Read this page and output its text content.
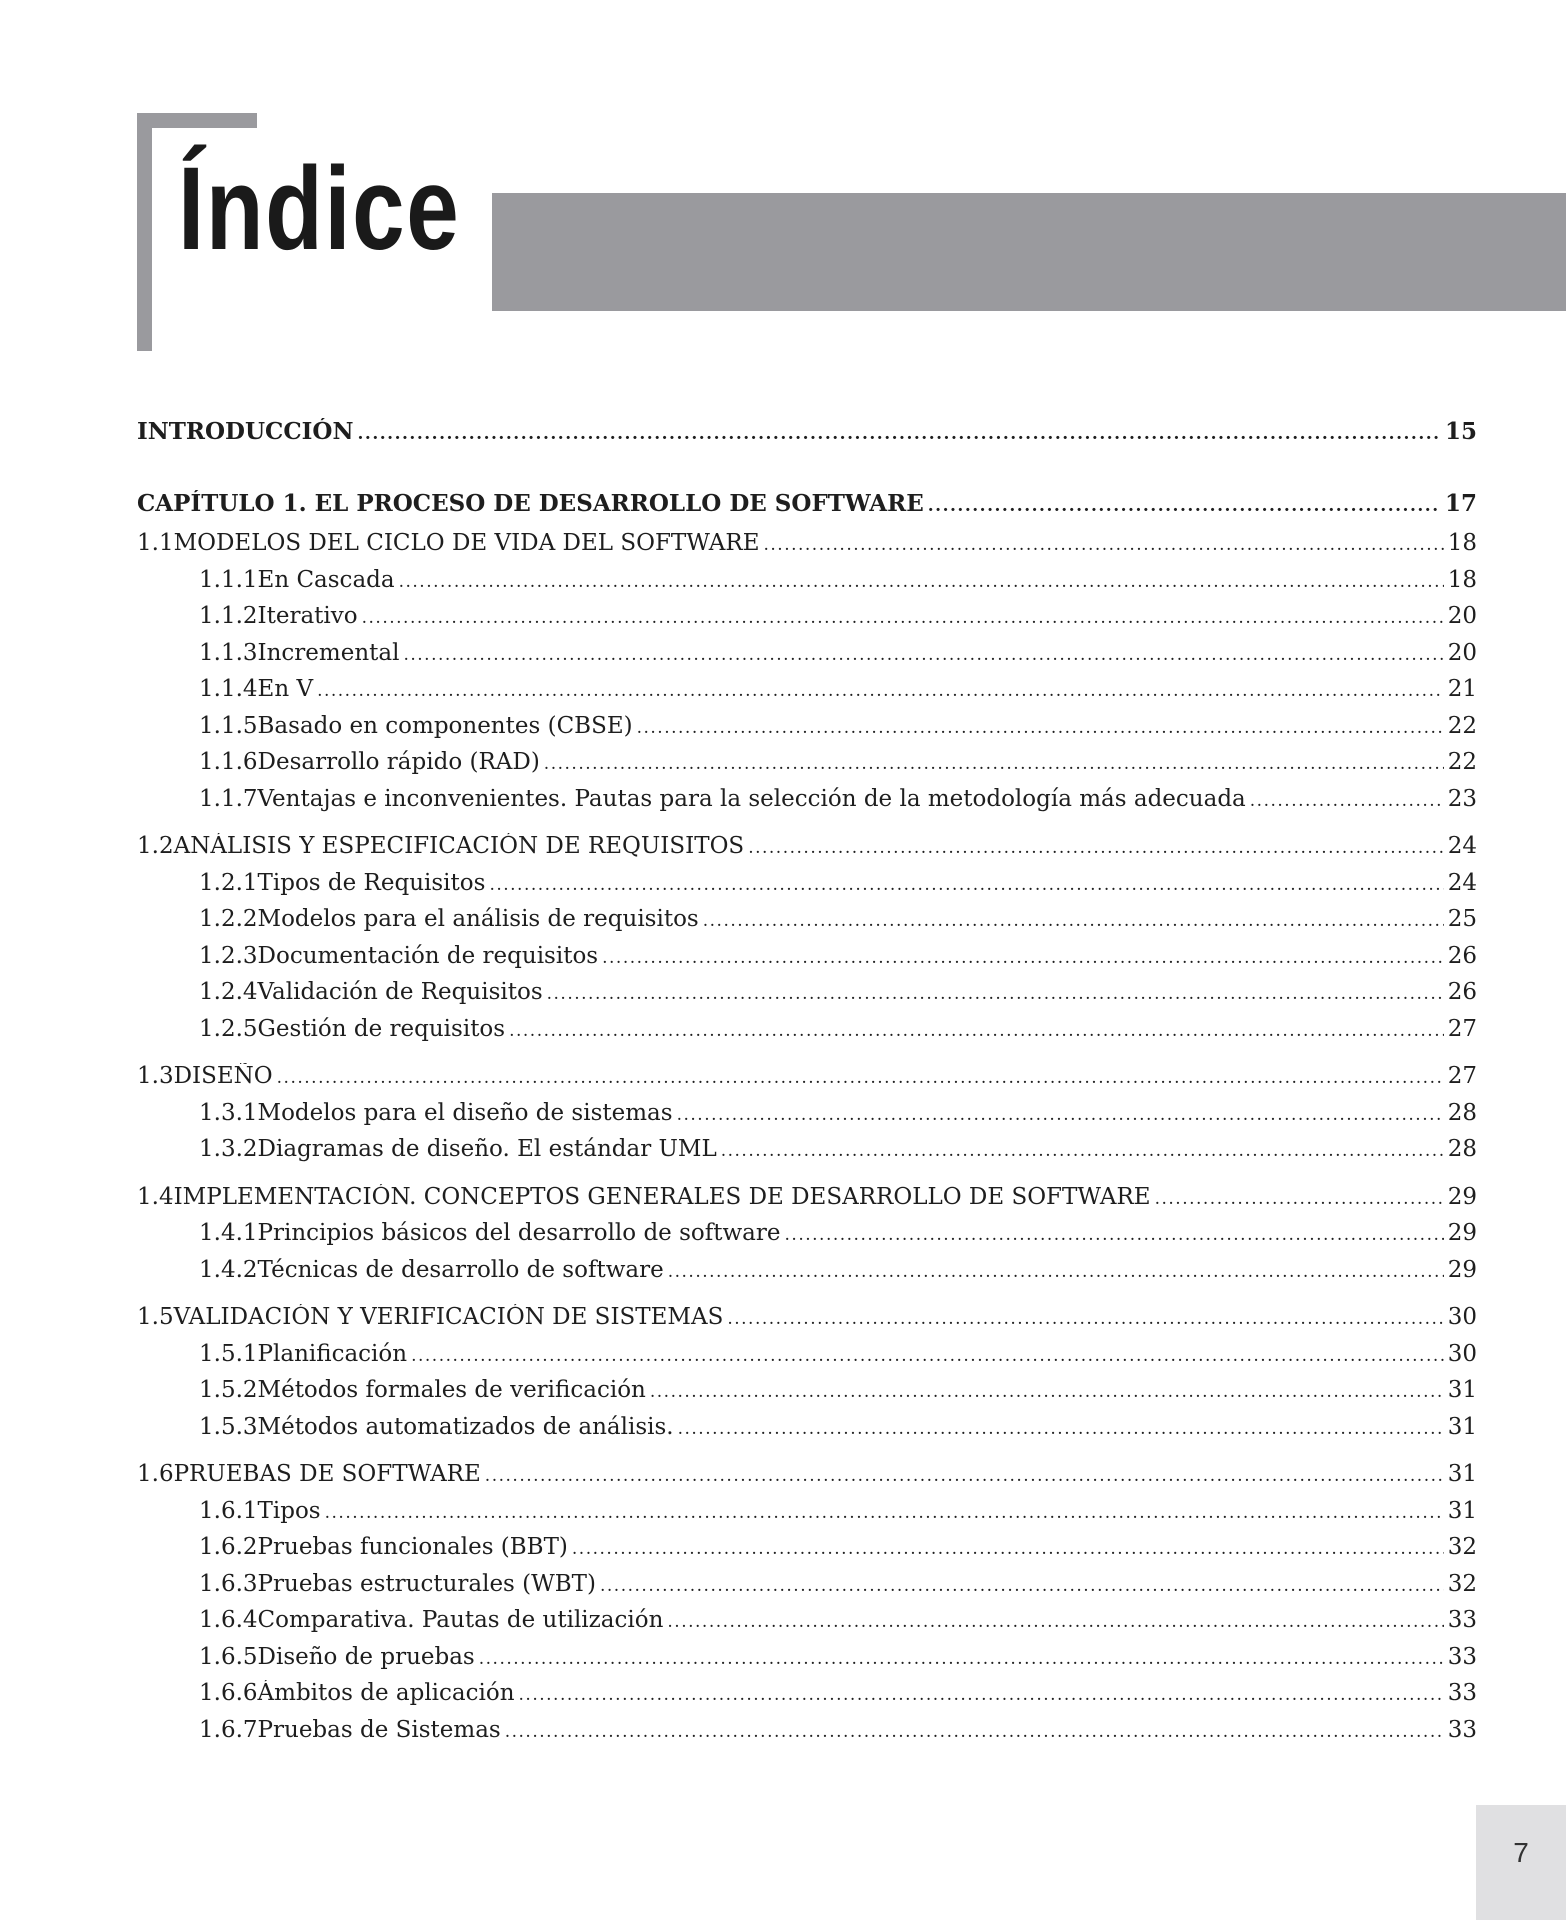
Índice
INTRODUCCIÓN .....	15
CAPÍTULO 1. EL PROCESO DE DESARROLLO DE SOFTWARE .....	17
1.1 MODELOS DEL CICLO DE VIDA DEL SOFTWARE .....	18
1.1.1 En Cascada .....	18
1.1.2 Iterativo .....	20
1.1.3 Incremental .....	20
1.1.4 En V .....	21
1.1.5 Basado en componentes (CBSE) .....	22
1.1.6 Desarrollo rápido (RAD) .....	22
1.1.7 Ventajas e inconvenientes. Pautas para la selección de la metodología más adecuada .....	23
1.2 ANÁLISIS Y ESPECIFICACIÓN DE REQUISITOS .....	24
1.2.1 Tipos de Requisitos .....	24
1.2.2 Modelos para el análisis de requisitos .....	25
1.2.3 Documentación de requisitos .....	26
1.2.4 Validación de Requisitos .....	26
1.2.5 Gestión de requisitos .....	27
1.3 DISEÑO .....	27
1.3.1 Modelos para el diseño de sistemas .....	28
1.3.2 Diagramas de diseño. El estándar UML .....	28
1.4 IMPLEMENTACIÓN. CONCEPTOS GENERALES DE DESARROLLO DE SOFTWARE .....	29
1.4.1 Principios básicos del desarrollo de software .....	29
1.4.2 Técnicas de desarrollo de software .....	29
1.5 VALIDACIÓN Y VERIFICACIÓN DE SISTEMAS .....	30
1.5.1 Planificación .....	30
1.5.2 Métodos formales de verificación .....	31
1.5.3 Métodos automatizados de análisis. .....	31
1.6 PRUEBAS DE SOFTWARE .....	31
1.6.1 Tipos .....	31
1.6.2 Pruebas funcionales (BBT) .....	32
1.6.3 Pruebas estructurales (WBT) .....	32
1.6.4 Comparativa. Pautas de utilización .....	33
1.6.5 Diseño de pruebas .....	33
1.6.6 Ámbitos de aplicación .....	33
1.6.7 Pruebas de Sistemas .....	33
7
